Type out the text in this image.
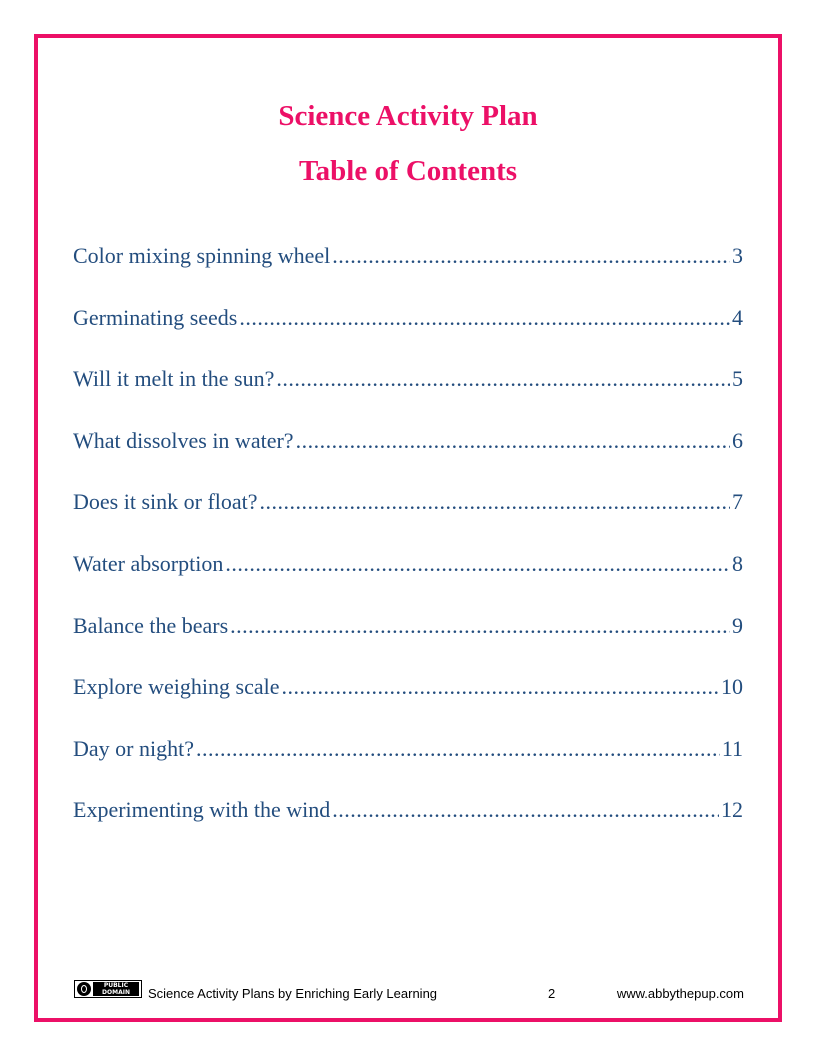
Science Activity Plan
Table of Contents
Color mixing spinning wheel .....	3
Germinating seeds .....	4
Will it melt in the sun? .....	5
What dissolves in water? .....	6
Does it sink or float? .....	7
Water absorption .....	8
Balance the bears .....	9
Explore weighing scale .....	10
Day or night? .....	11
Experimenting with the wind .....	12
PUBLIC
DOMAIN	Science Activity Plans by Enriching Early Learning	2	www.abbythepup.com
